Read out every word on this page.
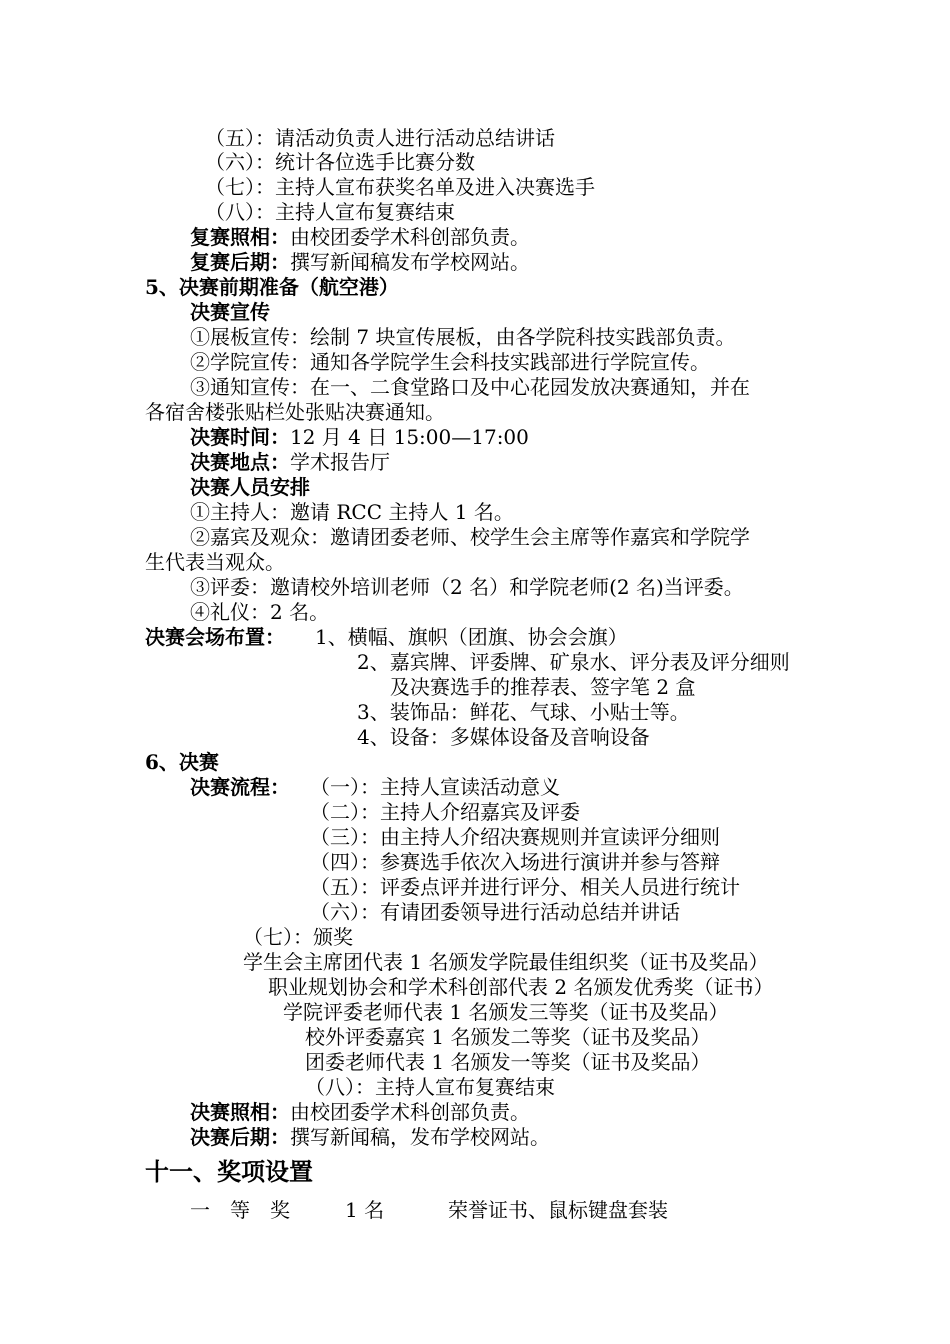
（五）：请活动负责人进行活动总结讲话
（六）：统计各位选手比赛分数
（七）：主持人宣布获奖名单及进入决赛选手
（八）：主持人宣布复赛结束
复赛照相：由校团委学术科创部负责。
复赛后期：撰写新闻稿发布学校网站。
5、决赛前期准备（航空港）
决赛宣传
①展板宣传：绘制 7 块宣传展板，由各学院科技实践部负责。
②学院宣传：通知各学院学生会科技实践部进行学院宣传。
③通知宣传：在一、二食堂路口及中心花园发放决赛通知，并在
各宿舍楼张贴栏处张贴决赛通知。
决赛时间：12 月 4 日 15:00—17:00
决赛地点：学术报告厅
决赛人员安排
①主持人：邀请 RCC 主持人 1 名。
②嘉宾及观众：邀请团委老师、校学生会主席等作嘉宾和学院学
生代表当观众。
③评委：邀请校外培训老师（2 名）和学院老师(2 名)当评委。
④礼仪：2 名。
决赛会场布置： 1、横幅、旗帜（团旗、协会会旗）
2、嘉宾牌、评委牌、矿泉水、评分表及评分细则
及决赛选手的推荐表、签字笔 2 盒
3、装饰品：鲜花、气球、小贴士等。
4、设备：多媒体设备及音响设备
6、决赛
决赛流程： （一）：主持人宣读活动意义
（二）：主持人介绍嘉宾及评委
（三）：由主持人介绍决赛规则并宣读评分细则
（四）：参赛选手依次入场进行演讲并参与答辩
（五）：评委点评并进行评分、相关人员进行统计
（六）：有请团委领导进行活动总结并讲话
（七）：颁奖
学生会主席团代表 1 名颁发学院最佳组织奖（证书及奖品）
职业规划协会和学术科创部代表 2 名颁发优秀奖（证书）
学院评委老师代表 1 名颁发三等奖（证书及奖品）
校外评委嘉宾 1 名颁发二等奖（证书及奖品）
团委老师代表 1 名颁发一等奖（证书及奖品）
（八）：主持人宣布复赛结束
决赛照相：由校团委学术科创部负责。
决赛后期：撰写新闻稿，发布学校网站。
十一、奖项设置
一　等　奖	1 名	荣誉证书、鼠标键盘套装
